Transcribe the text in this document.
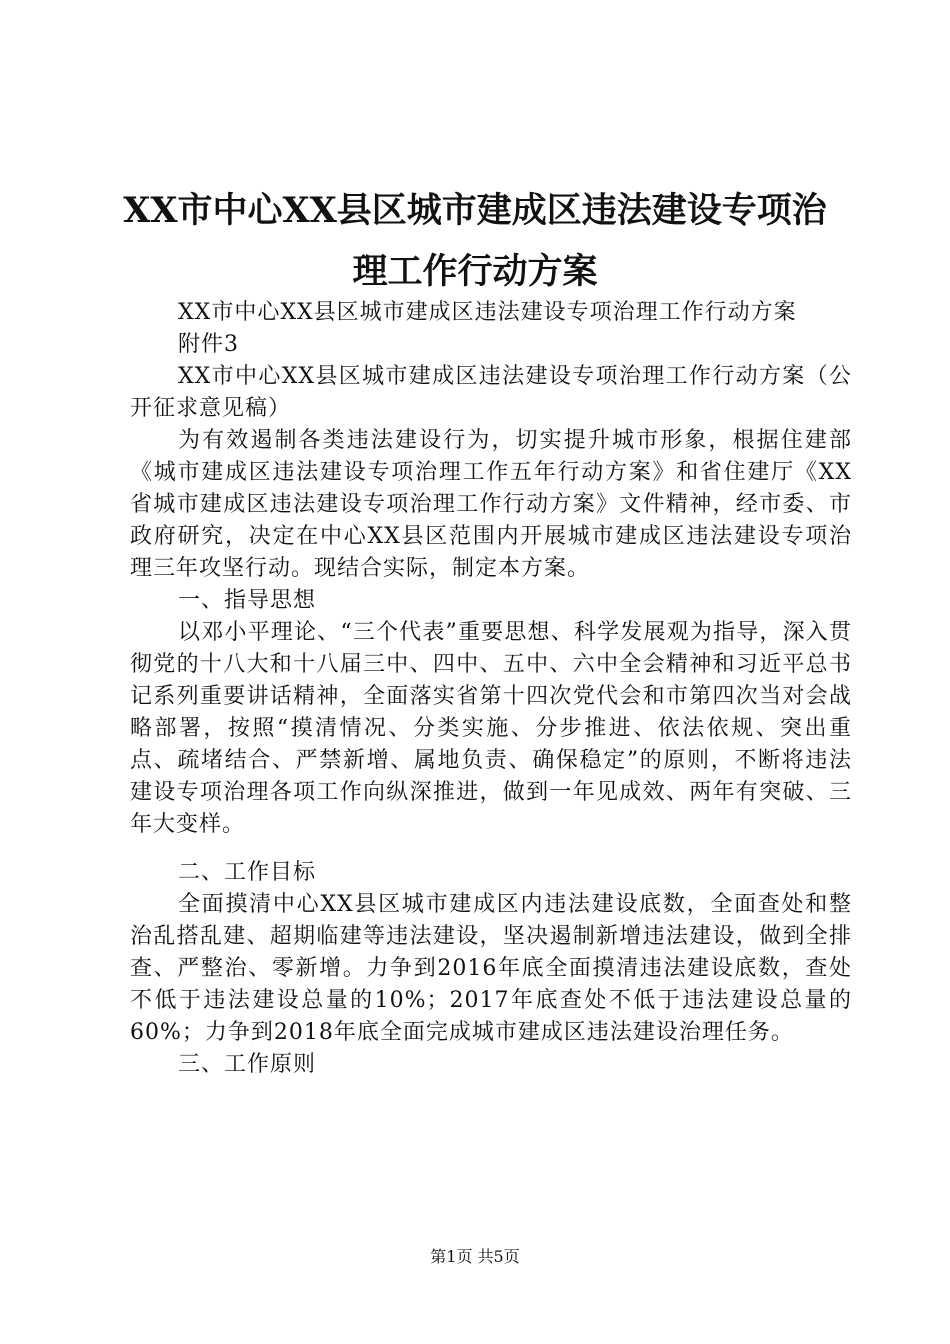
XX市中心XX县区城市建成区违法建设专项治
理工作行动方案

XX市中心XX县区城市建成区违法建设专项治理工作行动方案

附件3

XX市中心XX县区城市建成区违法建设专项治理工作行动方案（公开征求意见稿）

为有效遏制各类违法建设行为，切实提升城市形象，根据住建部《城市建成区违法建设专项治理工作五年行动方案》和省住建厅《XX省城市建成区违法建设专项治理工作行动方案》文件精神，经市委、市政府研究，决定在中心XX县区范围内开展城市建成区违法建设专项治理三年攻坚行动。现结合实际，制定本方案。

一、指导思想

以邓小平理论、“三个代表”重要思想、科学发展观为指导，深入贯彻党的十八大和十八届三中、四中、五中、六中全会精神和习近平总书记系列重要讲话精神，全面落实省第十四次党代会和市第四次当对会战略部署，按照“摸清情况、分类实施、分步推进、依法依规、突出重点、疏堵结合、严禁新增、属地负责、确保稳定”的原则，不断将违法建设专项治理各项工作向纵深推进，做到一年见成效、两年有突破、三年大变样。

二、工作目标

全面摸清中心XX县区城市建成区内违法建设底数，全面查处和整治乱搭乱建、超期临建等违法建设，坚决遏制新增违法建设，做到全排查、严整治、零新增。力争到2016年底全面摸清违法建设底数，查处不低于违法建设总量的10%；2017年底查处不低于违法建设总量的60%；力争到2018年底全面完成城市建成区违法建设治理任务。

三、工作原则

第1页 共5页
